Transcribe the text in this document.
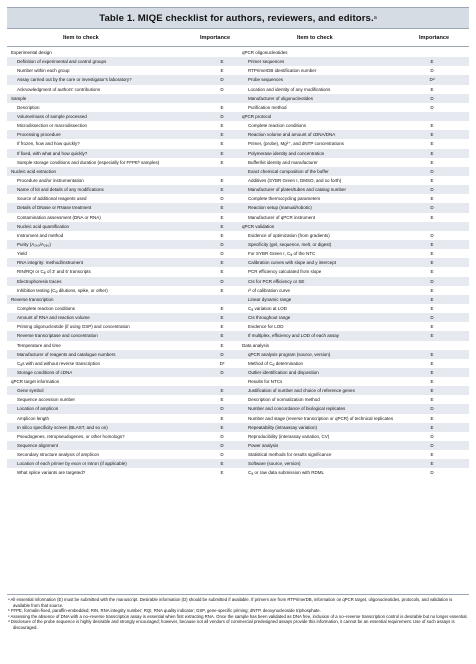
Table 1. MIQE checklist for authors, reviewers, and editors. a
Item to check	Importance	Item to check	Importance
Experimental design
Definition of experimental and control groups	E
Number within each group	E
Assay carried out by the core or investigator's laboratory?	D
Acknowledgment of authors' contributions	D
Sample
Description	E
Volume/mass of sample processed	D
Microdissection or macrodissection	E
Processing procedure	E
If frozen, how and how quickly?	E
If fixed, with what and how quickly?	E
Sample storage conditions and duration (especially for FFPEᵇ samples)	E
Nucleic acid extraction
Procedure and/or instrumentation	E
Name of kit and details of any modifications	E
Source of additional reagents used	D
Details of DNase or RNase treatment	E
Contamination assessment (DNA or RNA)	E
Nucleic acid quantification	E
Instrument and method	E
Purity (A₂₆₀/A₂₈₀)	D
Yield	D
RNA integrity: method/instrument	E
RIN/RQI or Cᵩ of 3′ and 5′ transcripts	E
Electrophoresis traces	D
Inhibition testing (Cᵩ dilutions, spike, or other)	E
Reverse transcription
Complete reaction conditions	E
Amount of RNA and reaction volume	E
Priming oligonucleotide (if using GSP) and concentration	E
Reverse transcriptase and concentration	E
Temperature and time	E
Manufacturer of reagents and catalogue numbers	D
Cᵩs with and without reverse transcription	Dᶜ
Storage conditions of cDNA	D
qPCR target information
Gene symbol	E
Sequence accession number	E
Location of amplicon	D
Amplicon length	E
In silico specificity screen (BLAST, and so on)	E
Pseudogenes, retropseudogenes, or other homologs?	D
Sequence alignment	D
Secondary structure analysis of amplicon	D
Location of each primer by exon or intron (if applicable)	E
What splice variants are targeted?	E
qPCR oligonucleotides
Primer sequences	E
RTPrimerDB identification number	D
Probe sequences	Dᵈ
Location and identity of any modifications	E
Manufacturer of oligonucleotides	D
Purification method	D
qPCR protocol
Complete reaction conditions	E
Reaction volume and amount of cDNA/DNA	E
Primer, (probe), Mg²⁺, and dNTP concentrations	E
Polymerase identity and concentration	E
Buffer/kit identity and manufacturer	E
Exact chemical composition of the buffer	D
Additives (SYBR Green I, DMSO, and so forth)	E
Manufacturer of plates/tubes and catalog number	D
Complete thermocycling parameters	E
Reaction setup (manual/robotic)	D
Manufacturer of qPCR instrument	E
qPCR validation
Evidence of optimization (from gradients)	D
Specificity (gel, sequence, melt, or digest)	E
For SYBR Green I, Cᵩ of the NTC	E
Calibration curves with slope and y intercept	E
PCR efficiency calculated from slope	E
CIs for PCR efficiency or SE	D
r² of calibration curve	E
Linear dynamic range	E
Cᵩ variation at LOD	E
CIs throughout range	D
Evidence for LOD	E
If multiplex, efficiency and LOD of each assay	E
Data analysis
qPCR analysis program (source, version)	E
Method of Cᵩ determination	E
Outlier identification and disposition	E
Results for NTCs	E
Justification of number and choice of reference genes	E
Description of normalization method	E
Number and concordance of biological replicates	D
Number and stage (reverse transcription or qPCR) of technical replicates	E
Repeatability (intraassay variation)	E
Reproducibility (interassay variation, CV)	D
Power analysis	D
Statistical methods for results significance	E
Software (source, version)	E
Cᵩ or raw data submission with RDML	D

ᵃ All essential information (E) must be submitted with the manuscript. Desirable information (D) should be submitted if available. If primers are from RTPrimerDB, information on qPCR target, oligonucleotides, protocols, and validation is available from that source.

ᵇ FFPE, formalin-fixed, paraffin-embedded; RIN, RNA integrity number; RQI, RNA quality indicator; GSP, gene-specific priming; dNTP, deoxynucleoside triphosphate.

ᶜ Assessing the absence of DNA with a no–reverse transcription assay is essential when first extracting RNA. Once the sample has been validated as DNA free, inclusion of a no–reverse transcription control is desirable but no longer essential.

ᵈ Disclosure of the probe sequence is highly desirable and strongly encouraged; however, because not all vendors of commercial predesigned assays provide this information, it cannot be an essential requirement. Use of such assays is discouraged.
